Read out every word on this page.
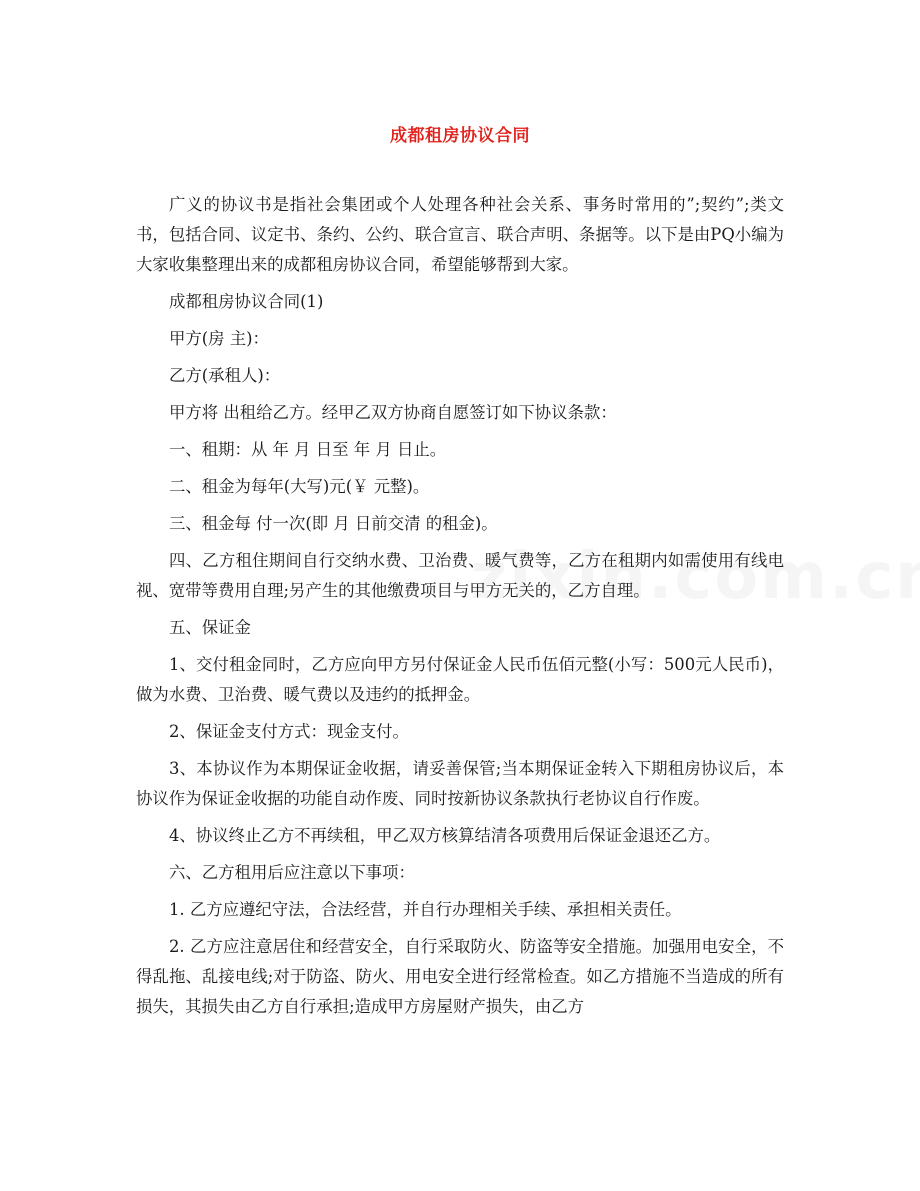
成都租房协议合同

广义的协议书是指社会集团或个人处理各种社会关系、事务时常用的”;契约”;类文书，包括合同、议定书、条约、公约、联合宣言、联合声明、条据等。以下是由PQ小编为大家收集整理出来的成都租房协议合同，希望能够帮到大家。

成都租房协议合同(1)

甲方(房 主)：

乙方(承租人)：

甲方将 出租给乙方。经甲乙双方协商自愿签订如下协议条款：

一、租期：从 年 月 日至 年 月 日止。

二、租金为每年(大写)元(￥ 元整)。

三、租金每 付一次(即 月 日前交清 的租金)。

四、乙方租住期间自行交纳水费、卫治费、暖气费等，乙方在租期内如需使用有线电视、宽带等费用自理;另产生的其他缴费项目与甲方无关的，乙方自理。

五、保证金

1、交付租金同时，乙方应向甲方另付保证金人民币伍佰元整(小写：500元人民币)，做为水费、卫治费、暖气费以及违约的抵押金。

2、保证金支付方式：现金支付。

3、本协议作为本期保证金收据，请妥善保管;当本期保证金转入下期租房协议后，本协议作为保证金收据的功能自动作废、同时按新协议条款执行老协议自行作废。

4、协议终止乙方不再续租，甲乙双方核算结清各项费用后保证金退还乙方。

六、乙方租用后应注意以下事项：

1. 乙方应遵纪守法，合法经营，并自行办理相关手续、承担相关责任。

2. 乙方应注意居住和经营安全，自行采取防火、防盗等安全措施。加强用电安全，不得乱拖、乱接电线;对于防盗、防火、用电安全进行经常检查。如乙方措施不当造成的所有损失，其损失由乙方自行承担;造成甲方房屋财产损失，由乙方
